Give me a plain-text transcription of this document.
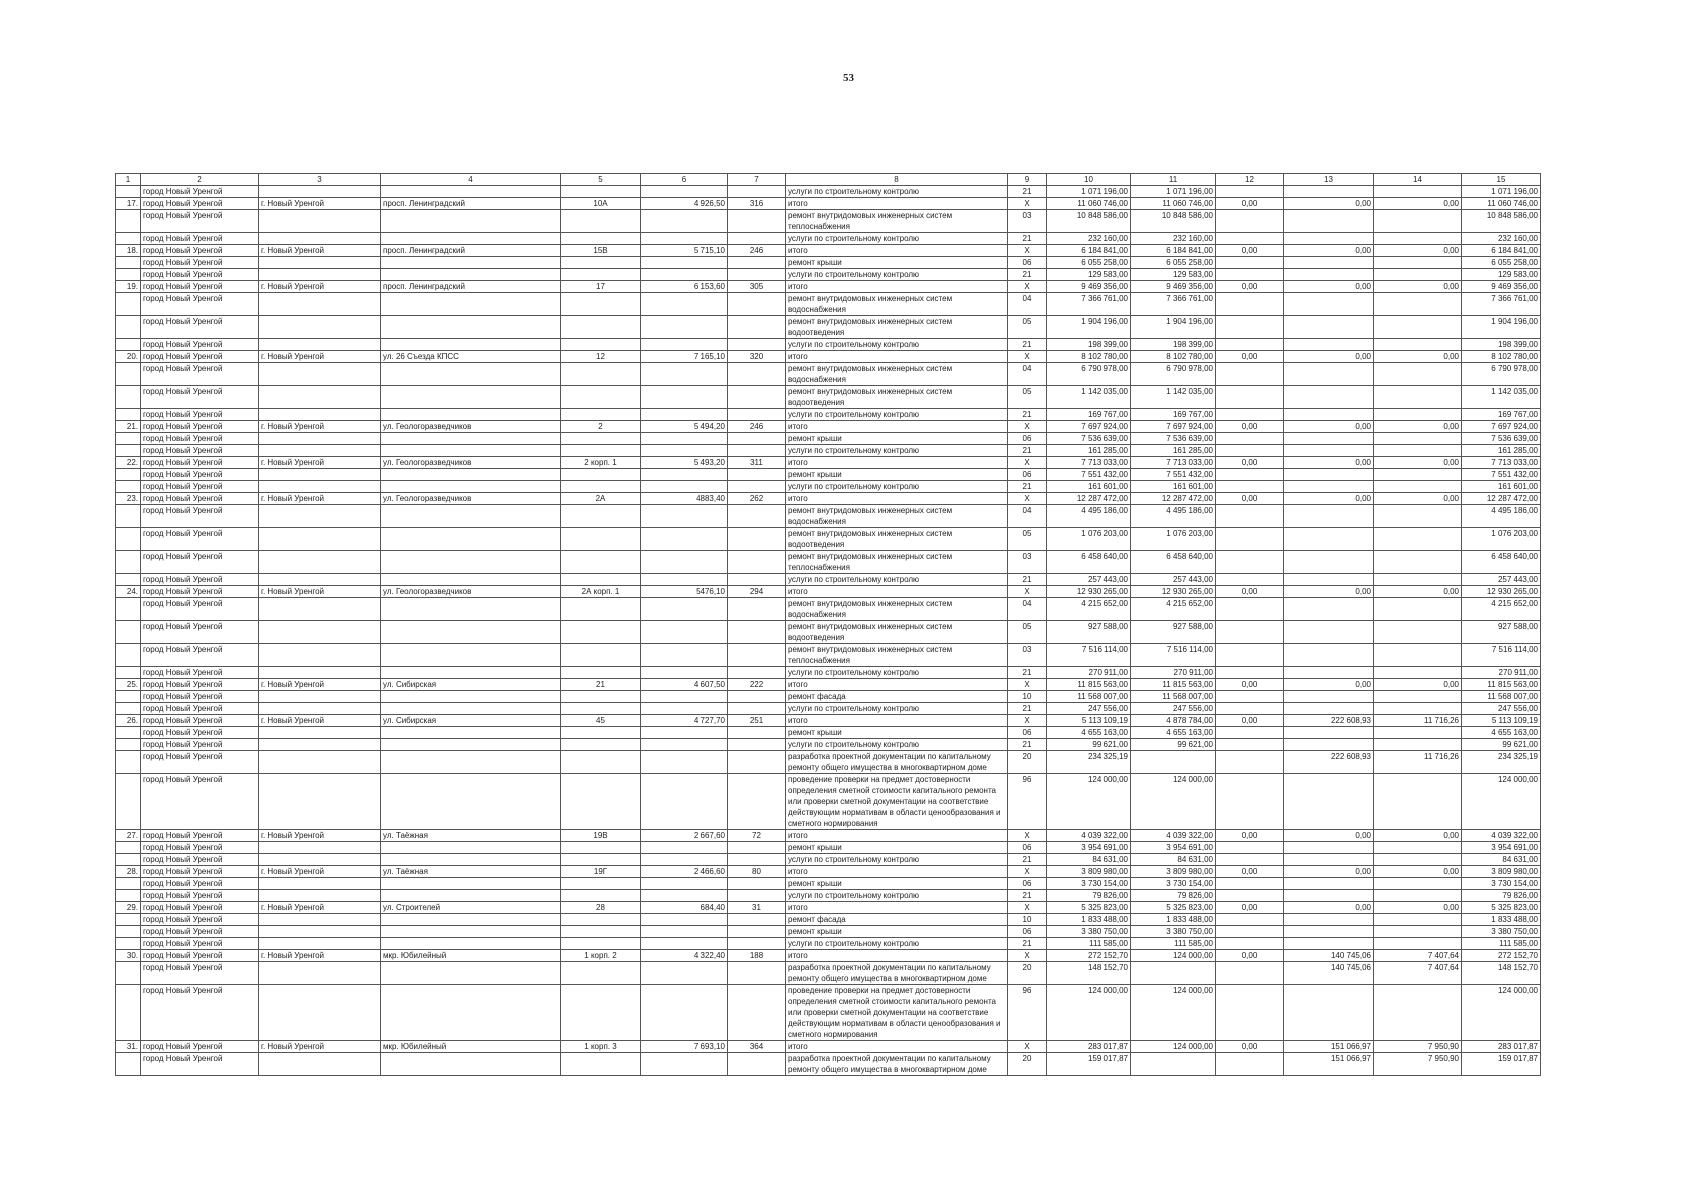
53
1	2	3	4	5	6	7	8	9	10	11	12	13	14	15
	город Новый Уренгой						услуги по строительному контролю	21	1 071 196,00	1 071 196,00				1 071 196,00
17.	город Новый Уренгой	г. Новый Уренгой	просп. Ленинградский	10А	4 926,50	316	итого	X	11 060 746,00	11 060 746,00	0,00	0,00	0,00	11 060 746,00
	город Новый Уренгой						ремонт внутридомовых инженерных систем теплоснабжения	03	10 848 586,00	10 848 586,00				10 848 586,00
	город Новый Уренгой						услуги по строительному контролю	21	232 160,00	232 160,00				232 160,00
18.	город Новый Уренгой	г. Новый Уренгой	просп. Ленинградский	15В	5 715,10	246	итого	X	6 184 841,00	6 184 841,00	0,00	0,00	0,00	6 184 841,00
	город Новый Уренгой						ремонт крыши	06	6 055 258,00	6 055 258,00				6 055 258,00
	город Новый Уренгой						услуги по строительному контролю	21	129 583,00	129 583,00				129 583,00
19.	город Новый Уренгой	г. Новый Уренгой	просп. Ленинградский	17	6 153,60	305	итого	X	9 469 356,00	9 469 356,00	0,00	0,00	0,00	9 469 356,00
	город Новый Уренгой						ремонт внутридомовых инженерных систем водоснабжения	04	7 366 761,00	7 366 761,00				7 366 761,00
	город Новый Уренгой						ремонт внутридомовых инженерных систем водоотведения	05	1 904 196,00	1 904 196,00				1 904 196,00
	город Новый Уренгой						услуги по строительному контролю	21	198 399,00	198 399,00				198 399,00
20.	город Новый Уренгой	г. Новый Уренгой	ул. 26 Съезда КПСС	12	7 165,10	320	итого	X	8 102 780,00	8 102 780,00	0,00	0,00	0,00	8 102 780,00
	город Новый Уренгой						ремонт внутридомовых инженерных систем водоснабжения	04	6 790 978,00	6 790 978,00				6 790 978,00
	город Новый Уренгой						ремонт внутридомовых инженерных систем водоотведения	05	1 142 035,00	1 142 035,00				1 142 035,00
	город Новый Уренгой						услуги по строительному контролю	21	169 767,00	169 767,00				169 767,00
21.	город Новый Уренгой	г. Новый Уренгой	ул. Геологоразведчиков	2	5 494,20	246	итого	X	7 697 924,00	7 697 924,00	0,00	0,00	0,00	7 697 924,00
	город Новый Уренгой						ремонт крыши	06	7 536 639,00	7 536 639,00				7 536 639,00
	город Новый Уренгой						услуги по строительному контролю	21	161 285,00	161 285,00				161 285,00
22.	город Новый Уренгой	г. Новый Уренгой	ул. Геологоразведчиков	2 корп. 1	5 493,20	311	итого	X	7 713 033,00	7 713 033,00	0,00	0,00	0,00	7 713 033,00
	город Новый Уренгой						ремонт крыши	06	7 551 432,00	7 551 432,00				7 551 432,00
	город Новый Уренгой						услуги по строительному контролю	21	161 601,00	161 601,00				161 601,00
23.	город Новый Уренгой	г. Новый Уренгой	ул. Геологоразведчиков	2А	4883,40	262	итого	X	12 287 472,00	12 287 472,00	0,00	0,00	0,00	12 287 472,00
	город Новый Уренгой						ремонт внутридомовых инженерных систем водоснабжения	04	4 495 186,00	4 495 186,00				4 495 186,00
	город Новый Уренгой						ремонт внутридомовых инженерных систем водоотведения	05	1 076 203,00	1 076 203,00				1 076 203,00
	город Новый Уренгой						ремонт внутридомовых инженерных систем теплоснабжения	03	6 458 640,00	6 458 640,00				6 458 640,00
	город Новый Уренгой						услуги по строительному контролю	21	257 443,00	257 443,00				257 443,00
24.	город Новый Уренгой	г. Новый Уренгой	ул. Геологоразведчиков	2А корп. 1	5476,10	294	итого	X	12 930 265,00	12 930 265,00	0,00	0,00	0,00	12 930 265,00
	город Новый Уренгой						ремонт внутридомовых инженерных систем водоснабжения	04	4 215 652,00	4 215 652,00				4 215 652,00
	город Новый Уренгой						ремонт внутридомовых инженерных систем водоотведения	05	927 588,00	927 588,00				927 588,00
	город Новый Уренгой						ремонт внутридомовых инженерных систем теплоснабжения	03	7 516 114,00	7 516 114,00				7 516 114,00
	город Новый Уренгой						услуги по строительному контролю	21	270 911,00	270 911,00				270 911,00
25.	город Новый Уренгой	г. Новый Уренгой	ул. Сибирская	21	4 607,50	222	итого	X	11 815 563,00	11 815 563,00	0,00	0,00	0,00	11 815 563,00
	город Новый Уренгой						ремонт фасада	10	11 568 007,00	11 568 007,00				11 568 007,00
	город Новый Уренгой						услуги по строительному контролю	21	247 556,00	247 556,00				247 556,00
26.	город Новый Уренгой	г. Новый Уренгой	ул. Сибирская	45	4 727,70	251	итого	X	5 113 109,19	4 878 784,00	0,00	222 608,93	11 716,26	5 113 109,19
	город Новый Уренгой						ремонт крыши	06	4 655 163,00	4 655 163,00				4 655 163,00
	город Новый Уренгой						услуги по строительному контролю	21	99 621,00	99 621,00				99 621,00
	город Новый Уренгой						разработка проектной документации по капитальному ремонту общего имущества в многоквартирном доме	20	234 325,19			222 608,93	11 716,26	234 325,19
	город Новый Уренгой						проведение проверки на предмет достоверности определения сметной стоимости капитального ремонта или проверки сметной документации на соответствие действующим нормативам в области ценообразования и сметного нормирования	96	124 000,00	124 000,00				124 000,00
27.	город Новый Уренгой	г. Новый Уренгой	ул. Таёжная	19В	2 667,60	72	итого	X	4 039 322,00	4 039 322,00	0,00	0,00	0,00	4 039 322,00
	город Новый Уренгой						ремонт крыши	06	3 954 691,00	3 954 691,00				3 954 691,00
	город Новый Уренгой						услуги по строительному контролю	21	84 631,00	84 631,00				84 631,00
28.	город Новый Уренгой	г. Новый Уренгой	ул. Таёжная	19Г	2 466,60	80	итого	X	3 809 980,00	3 809 980,00	0,00	0,00	0,00	3 809 980,00
	город Новый Уренгой						ремонт крыши	06	3 730 154,00	3 730 154,00				3 730 154,00
	город Новый Уренгой						услуги по строительному контролю	21	79 826,00	79 826,00				79 826,00
29.	город Новый Уренгой	г. Новый Уренгой	ул. Строителей	28	684,40	31	итого	X	5 325 823,00	5 325 823,00	0,00	0,00	0,00	5 325 823,00
	город Новый Уренгой						ремонт фасада	10	1 833 488,00	1 833 488,00				1 833 488,00
	город Новый Уренгой						ремонт крыши	06	3 380 750,00	3 380 750,00				3 380 750,00
	город Новый Уренгой						услуги по строительному контролю	21	111 585,00	111 585,00				111 585,00
30.	город Новый Уренгой	г. Новый Уренгой	мкр. Юбилейный	1 корп. 2	4 322,40	188	итого	X	272 152,70	124 000,00	0,00	140 745,06	7 407,64	272 152,70
	город Новый Уренгой						разработка проектной документации по капитальному ремонту общего имущества в многоквартирном доме	20	148 152,70			140 745,06	7 407,64	148 152,70
	город Новый Уренгой						проведение проверки на предмет достоверности определения сметной стоимости капитального ремонта или проверки сметной документации на соответствие действующим нормативам в области ценообразования и сметного нормирования	96	124 000,00	124 000,00				124 000,00
31.	город Новый Уренгой	г. Новый Уренгой	мкр. Юбилейный	1 корп. 3	7 693,10	364	итого	X	283 017,87	124 000,00	0,00	151 066,97	7 950,90	283 017,87
	город Новый Уренгой						разработка проектной документации по капитальному ремонту общего имущества в многоквартирном доме	20	159 017,87			151 066,97	7 950,90	159 017,87
